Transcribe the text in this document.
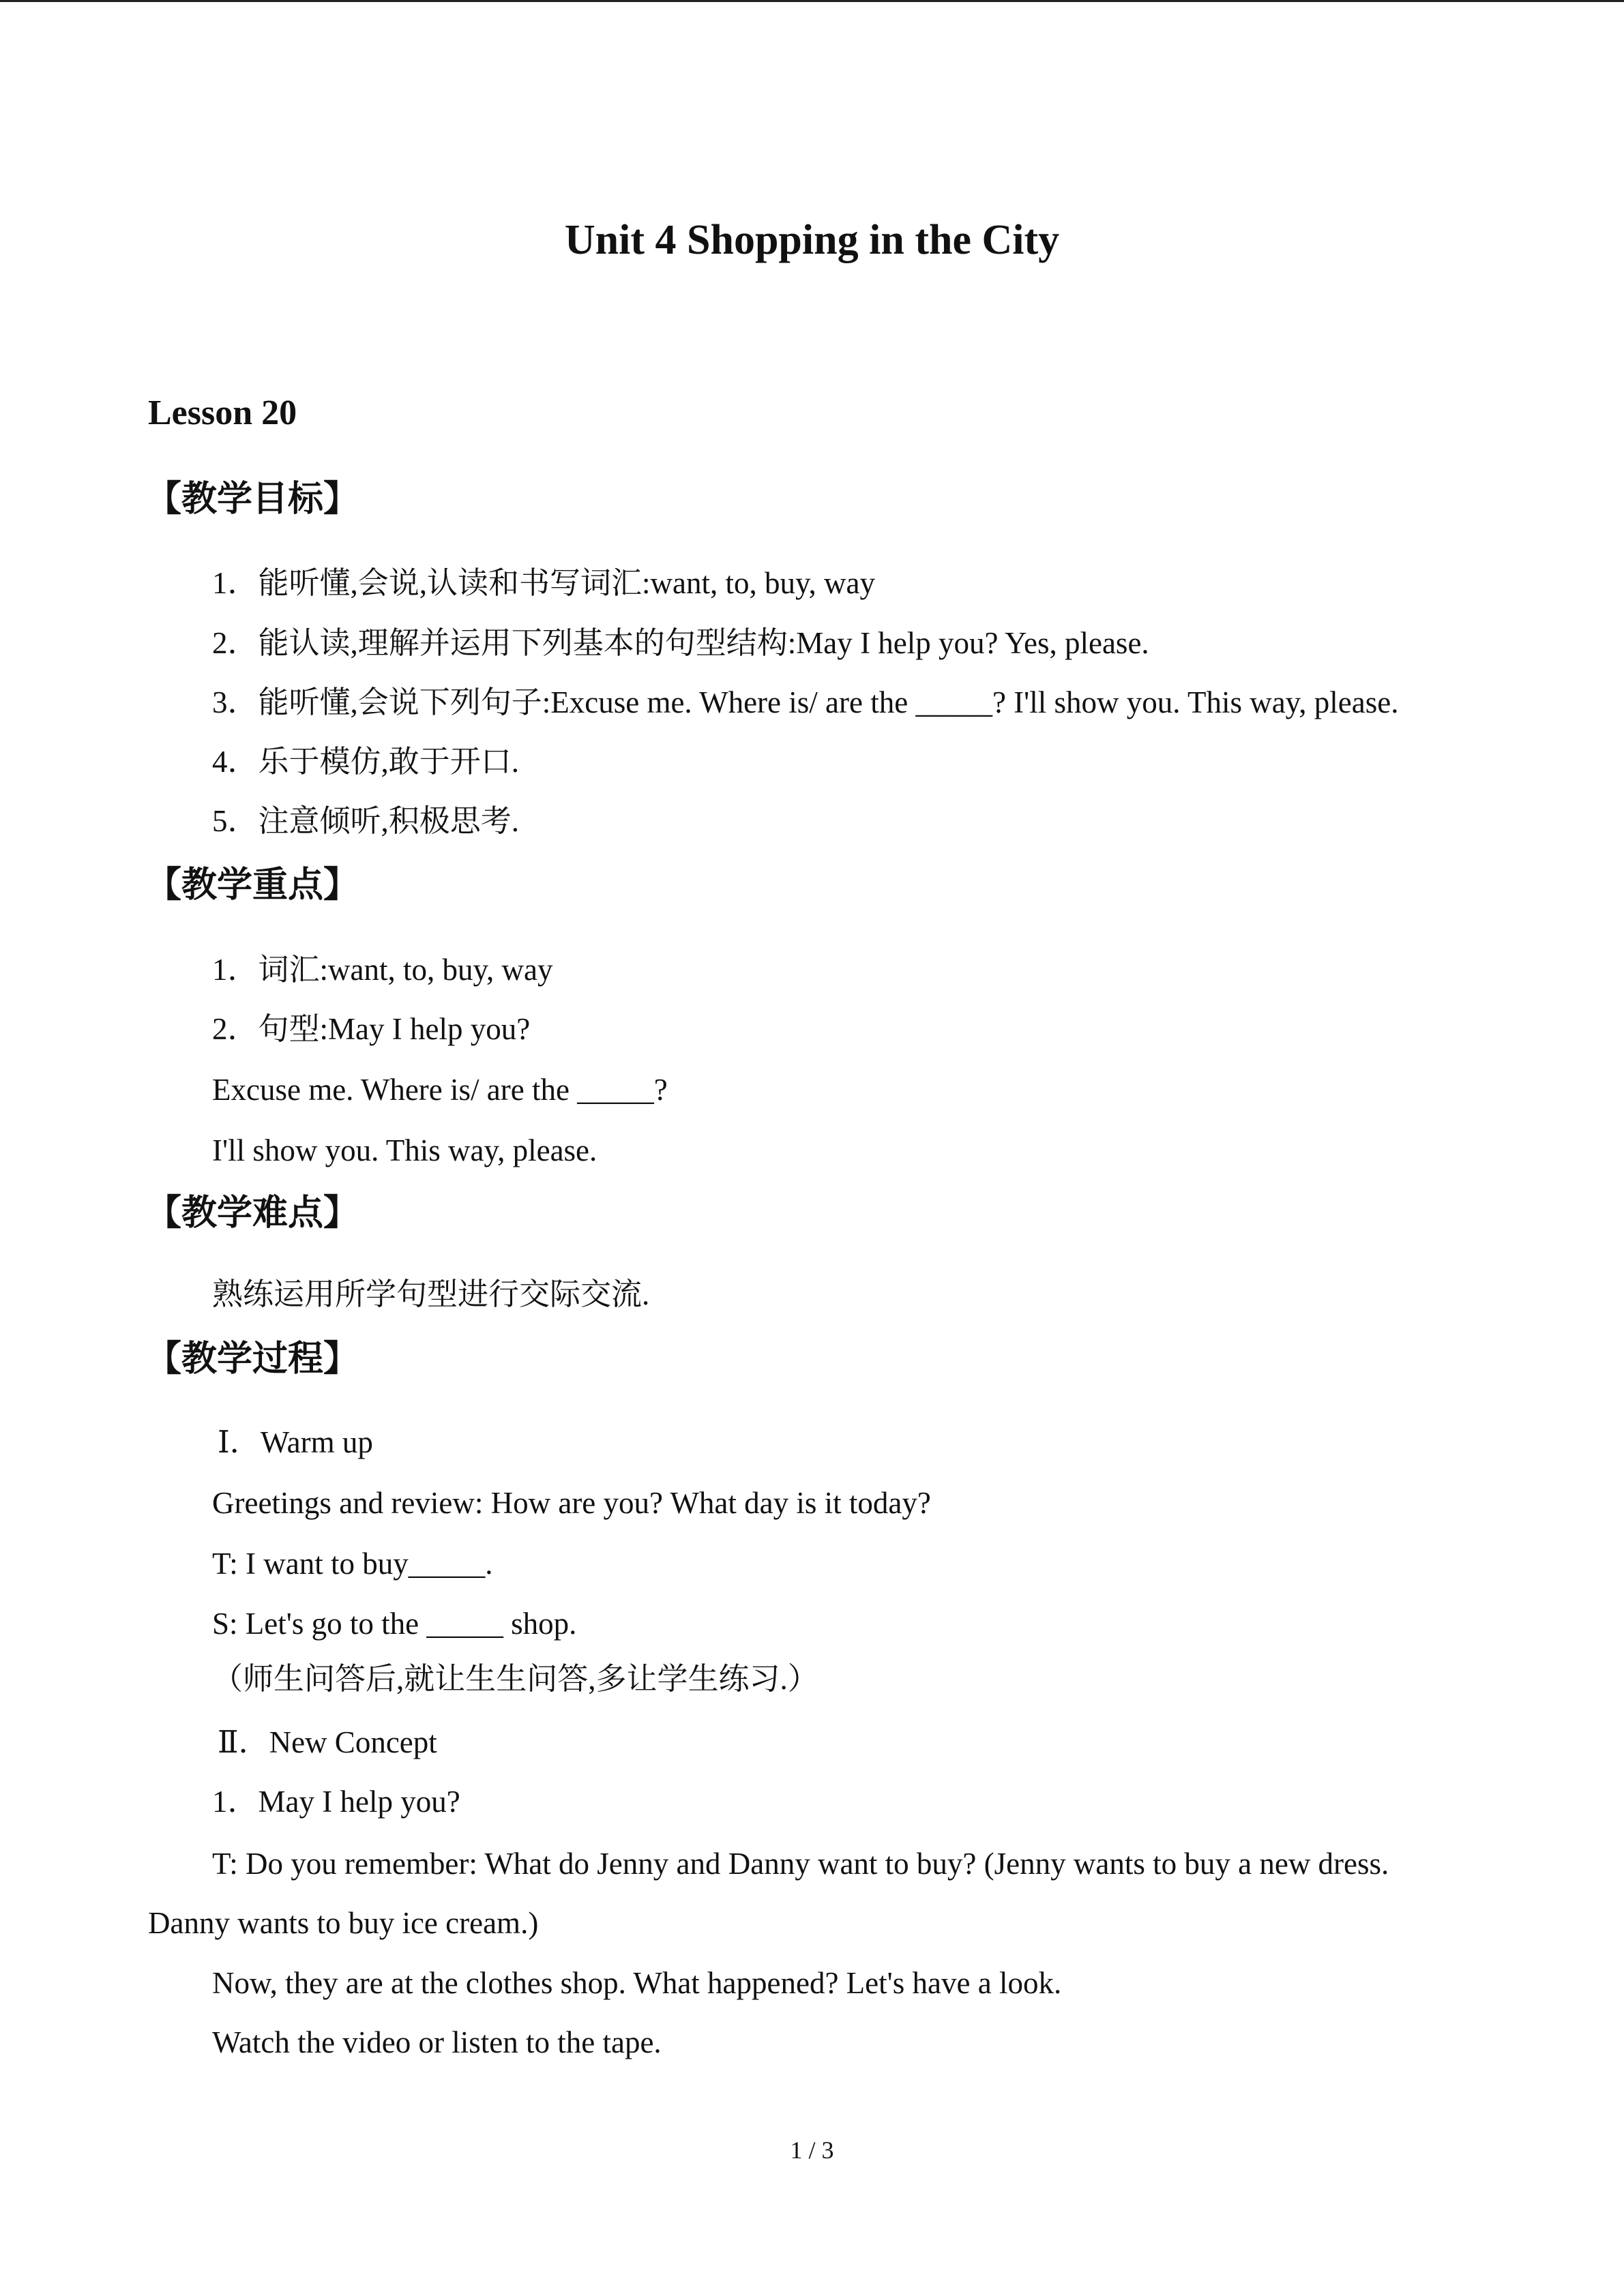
Unit 4 Shopping in the City
Lesson 20
【教学目标】
1．能听懂,会说,认读和书写词汇:want, to, buy, way
2．能认读,理解并运用下列基本的句型结构:May I help you? Yes, please.
3．能听懂,会说下列句子:Excuse me. Where is/ are the _____? I'll show you. This way, please.
4．乐于模仿,敢于开口.
5．注意倾听,积极思考.
【教学重点】
1．词汇:want, to, buy, way
2．句型:May I help you?
Excuse me. Where is/ are the _____?
I'll show you. This way, please.
【教学难点】
熟练运用所学句型进行交际交流.
【教学过程】
Ⅰ．Warm up
Greetings and review: How are you? What day is it today?
T: I want to buy_____.
S: Let's go to the _____ shop.
（师生问答后,就让生生问答,多让学生练习.）
Ⅱ．New Concept
1．May I help you?
T: Do you remember: What do Jenny and Danny want to buy? (Jenny wants to buy a new dress.
Danny wants to buy ice cream.)
Now, they are at the clothes shop. What happened? Let's have a look.
Watch the video or listen to the tape.
1 / 3
